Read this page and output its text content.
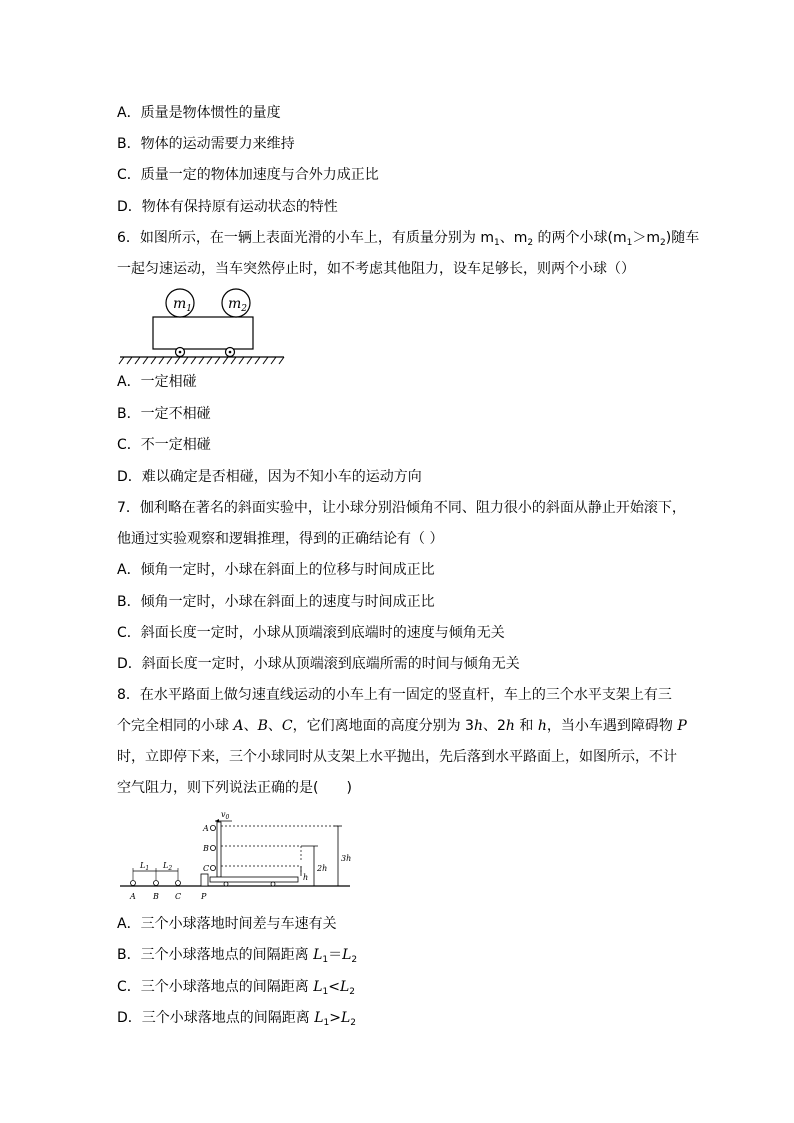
A．质量是物体惯性的量度
B．物体的运动需要力来维持
C．质量一定的物体加速度与合外力成正比
D．物体有保持原有运动状态的特性
6．如图所示，在一辆上表面光滑的小车上，有质量分别为 $m_1$、$m_2$ 的两个小球$(m_1>m_2)$随车
一起匀速运动，当车突然停止时，如不考虑其他阻力，设车足够长，则两个小球（）
$m_1$	$m_2$
A．一定相碰
B．一定不相碰
C．不一定相碰
D．难以确定是否相碰，因为不知小车的运动方向
7．伽利略在著名的斜面实验中，让小球分别沿倾角不同、阻力很小的斜面从静止开始滚下，
他通过实验观察和逻辑推理，得到的正确结论有（ ）
A．倾角一定时，小球在斜面上的位移与时间成正比
B．倾角一定时，小球在斜面上的速度与时间成正比
C．斜面长度一定时，小球从顶端滚到底端时的速度与倾角无关
D．斜面长度一定时，小球从顶端滚到底端所需的时间与倾角无关
8．在水平路面上做匀速直线运动的小车上有一固定的竖直杆，车上的三个水平支架上有三
个完全相同的小球 A、B、C，它们离地面的高度分别为 3h、2h 和 h，当小车遇到障碍物 P
时，立即停下来，三个小球同时从支架上水平抛出，先后落到水平路面上，如图所示，不计
空气阻力，则下列说法正确的是(　　)
$v_0$
A
B
C
3h
2h
h
$L_1$ $L_2$
A B C P
A．三个小球落地时间差与车速有关
B．三个小球落地点的间隔距离 $L_1=L_2$
C．三个小球落地点的间隔距离 $L_1<L_2$
D．三个小球落地点的间隔距离 $L_1>L_2$
